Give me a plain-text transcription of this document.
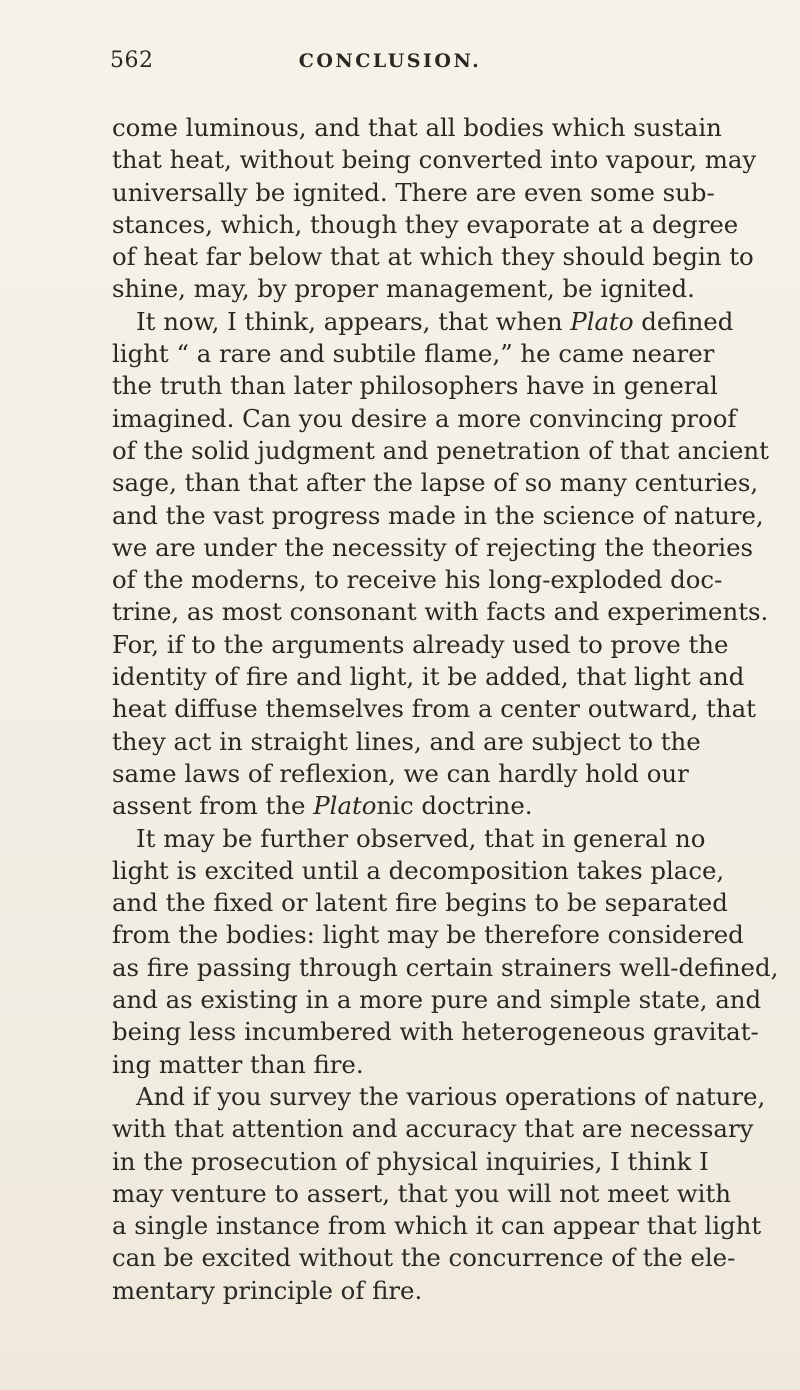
562	CONCLUSION.
come luminous, and that all bodies which sustain
that heat, without being converted into vapour, may
universally be ignited. There are even some sub-
stances, which, though they evaporate at a degree
of heat far below that at which they should begin to
shine, may, by proper management, be ignited.
It now, I think, appears, that when Plato defined
light “ a rare and subtile flame,” he came nearer
the truth than later philosophers have in general
imagined. Can you desire a more convincing proof
of the solid judgment and penetration of that ancient
sage, than that after the lapse of so many centuries,
and the vast progress made in the science of nature,
we are under the necessity of rejecting the theories
of the moderns, to receive his long-exploded doc-
trine, as most consonant with facts and experiments.
For, if to the arguments already used to prove the
identity of fire and light, it be added, that light and
heat diffuse themselves from a center outward, that
they act in straight lines, and are subject to the
same laws of reflexion, we can hardly hold our
assent from the Platonic doctrine.
It may be further observed, that in general no
light is excited until a decomposition takes place,
and the fixed or latent fire begins to be separated
from the bodies: light may be therefore considered
as fire passing through certain strainers well-defined,
and as existing in a more pure and simple state, and
being less incumbered with heterogeneous gravitat-
ing matter than fire.
And if you survey the various operations of nature,
with that attention and accuracy that are necessary
in the prosecution of physical inquiries, I think I
may venture to assert, that you will not meet with
a single instance from which it can appear that light
can be excited without the concurrence of the ele-
mentary principle of fire.
